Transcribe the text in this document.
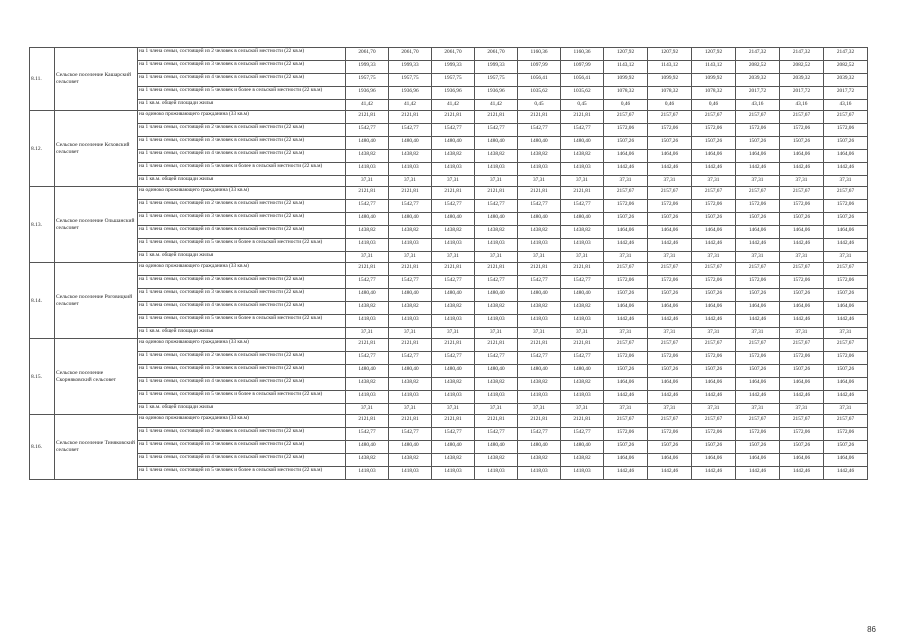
8.11.	Сельское поселение Кашарский сельсовет	на 1 члена семьи, состоящей из 2 человек в сельской местности (22 кв.м)	2061,70	2061,70	2061,70	2061,70	1160,36	1160,36	1207,92	1207,92	1207,92	2147,32	2147,32	2147,32
		на 1 члена семьи, состоящей из 3 человек в сельской местности (22 кв.м)	1999,33	1999,33	1999,33	1999,33	1097,99	1097,99	1143,12	1143,12	1143,12	2082,52	2082,52	2082,52
		на 1 члена семьи, состоящей из 4 человек в сельской местности (22 кв.м)	1957,75	1957,75	1957,75	1957,75	1056,41	1056,41	1099,92	1099,92	1099,92	2039,32	2039,32	2039,32
		на 1 члена семьи, состоящей из 5 человек и более в сельской местности (22 кв.м)	1936,96	1936,96	1936,96	1936,96	1035,62	1035,62	1078,32	1078,32	1078,32	2017,72	2017,72	2017,72
		на 1 кв.м. общей площади жилья	41,42	41,42	41,42	41,42	0,45	0,45	0,46	0,46	0,46	43,16	43,16	43,16
8.12.	Сельское поселение Кєховский сельсовет	на одиноко проживающего гражданина (33 кв.м)	2121,81	2121,81	2121,81	2121,81	2121,81	2121,81	2157,67	2157,67	2157,67	2157,67	2157,67	2157,67
		на 1 члена семьи, состоящей из 2 человек в сельской местности (22 кв.м)	1542,77	1542,77	1542,77	1542,77	1542,77	1542,77	1572,06	1572,06	1572,06	1572,06	1572,06	1572,06
		на 1 члена семьи, состоящей из 3 человек в сельской местности (22 кв.м)	1480,40	1480,40	1480,40	1480,40	1480,40	1480,40	1507,26	1507,26	1507,26	1507,26	1507,26	1507,26
		на 1 члена семьи, состоящей из 4 человек в сельской местности (22 кв.м)	1438,82	1438,82	1438,82	1438,82	1438,82	1438,82	1464,06	1464,06	1464,06	1464,06	1464,06	1464,06
		на 1 члена семьи, состоящей из 5 человек и более в сельской местности (22 кв.м)	1418,03	1418,03	1418,03	1418,03	1418,03	1418,03	1442,46	1442,46	1442,46	1442,46	1442,46	1442,46
		на 1 кв.м. общей площади жилья	37,31	37,31	37,31	37,31	37,31	37,31	37,31	37,31	37,31	37,31	37,31	37,31
8.13.	Сельское поселение Ольшанский сельсовет	на одиноко проживающего гражданина (33 кв.м)	2121,81	2121,81	2121,81	2121,81	2121,81	2121,81	2157,67	2157,67	2157,67	2157,67	2157,67	2157,67
		на 1 члена семьи, состоящей из 2 человек в сельской местности (22 кв.м)	1542,77	1542,77	1542,77	1542,77	1542,77	1542,77	1572,06	1572,06	1572,06	1572,06	1572,06	1572,06
		на 1 члена семьи, состоящей из 3 человек в сельской местности (22 кв.м)	1480,40	1480,40	1480,40	1480,40	1480,40	1480,40	1507,26	1507,26	1507,26	1507,26	1507,26	1507,26
		на 1 члена семьи, состоящей из 4 человек в сельской местности (22 кв.м)	1438,82	1438,82	1438,82	1438,82	1438,82	1438,82	1464,06	1464,06	1464,06	1464,06	1464,06	1464,06
		на 1 члена семьи, состоящей из 5 человек и более в сельской местности (22 кв.м)	1418,03	1418,03	1418,03	1418,03	1418,03	1418,03	1442,46	1442,46	1442,46	1442,46	1442,46	1442,46
		на 1 кв.м. общей площади жилья	37,31	37,31	37,31	37,31	37,31	37,31	37,31	37,31	37,31	37,31	37,31	37,31
8.14.	Сельское поселение Роговицкий сельсовет	на одиноко проживающего гражданина (33 кв.м)	2121,81	2121,81	2121,81	2121,81	2121,81	2121,81	2157,67	2157,67	2157,67	2157,67	2157,67	2157,67
		на 1 члена семьи, состоящей из 2 человек в сельской местности (22 кв.м)	1542,77	1542,77	1542,77	1542,77	1542,77	1542,77	1572,06	1572,06	1572,06	1572,06	1572,06	1572,06
		на 1 члена семьи, состоящей из 3 человек в сельской местности (22 кв.м)	1480,40	1480,40	1480,40	1480,40	1480,40	1480,40	1507,26	1507,26	1507,26	1507,26	1507,26	1507,26
		на 1 члена семьи, состоящей из 4 человек в сельской местности (22 кв.м)	1438,82	1438,82	1438,82	1438,82	1438,82	1438,82	1464,06	1464,06	1464,06	1464,06	1464,06	1464,06
		на 1 члена семьи, состоящей из 5 человек и более в сельской местности (22 кв.м)	1418,03	1418,03	1418,03	1418,03	1418,03	1418,03	1442,46	1442,46	1442,46	1442,46	1442,46	1442,46
		на 1 кв.м. общей площади жилья	37,31	37,31	37,31	37,31	37,31	37,31	37,31	37,31	37,31	37,31	37,31	37,31
8.15.	Сельское поселение Скорняковский сельсовет	на одиноко проживающего гражданина (33 кв.м)	2121,81	2121,81	2121,81	2121,81	2121,81	2121,81	2157,67	2157,67	2157,67	2157,67	2157,67	2157,67
		на 1 члена семьи, состоящей из 2 человек в сельской местности (22 кв.м)	1542,77	1542,77	1542,77	1542,77	1542,77	1542,77	1572,06	1572,06	1572,06	1572,06	1572,06	1572,06
		на 1 члена семьи, состоящей из 3 человек в сельской местности (22 кв.м)	1480,40	1480,40	1480,40	1480,40	1480,40	1480,40	1507,26	1507,26	1507,26	1507,26	1507,26	1507,26
		на 1 члена семьи, состоящей из 4 человек в сельской местности (22 кв.м)	1438,82	1438,82	1438,82	1438,82	1438,82	1438,82	1464,06	1464,06	1464,06	1464,06	1464,06	1464,06
		на 1 члена семьи, состоящей из 5 человек и более в сельской местности (22 кв.м)	1418,03	1418,03	1418,03	1418,03	1418,03	1418,03	1442,46	1442,46	1442,46	1442,46	1442,46	1442,46
		на 1 кв.м. общей площади жилья	37,31	37,31	37,31	37,31	37,31	37,31	37,31	37,31	37,31	37,31	37,31	37,31
8.16.	Сельское поселение Тиняковский сельсовет	на одиноко проживающего гражданина (33 кв.м)	2121,81	2121,81	2121,81	2121,81	2121,81	2121,81	2157,67	2157,67	2157,67	2157,67	2157,67	2157,67
		на 1 члена семьи, состоящей из 2 человек в сельской местности (22 кв.м)	1542,77	1542,77	1542,77	1542,77	1542,77	1542,77	1572,06	1572,06	1572,06	1572,06	1572,06	1572,06
		на 1 члена семьи, состоящей из 3 человек в сельской местности (22 кв.м)	1480,40	1480,40	1480,40	1480,40	1480,40	1480,40	1507,26	1507,26	1507,26	1507,26	1507,26	1507,26
		на 1 члена семьи, состоящей из 4 человек в сельской местности (22 кв.м)	1438,82	1438,82	1438,82	1438,82	1438,82	1438,82	1464,06	1464,06	1464,06	1464,06	1464,06	1464,06
		на 1 члена семьи, состоящей из 5 человек и более в сельской местности (22 кв.м)	1418,03	1418,03	1418,03	1418,03	1418,03	1418,03	1442,46	1442,46	1442,46	1442,46	1442,46	1442,46
86
